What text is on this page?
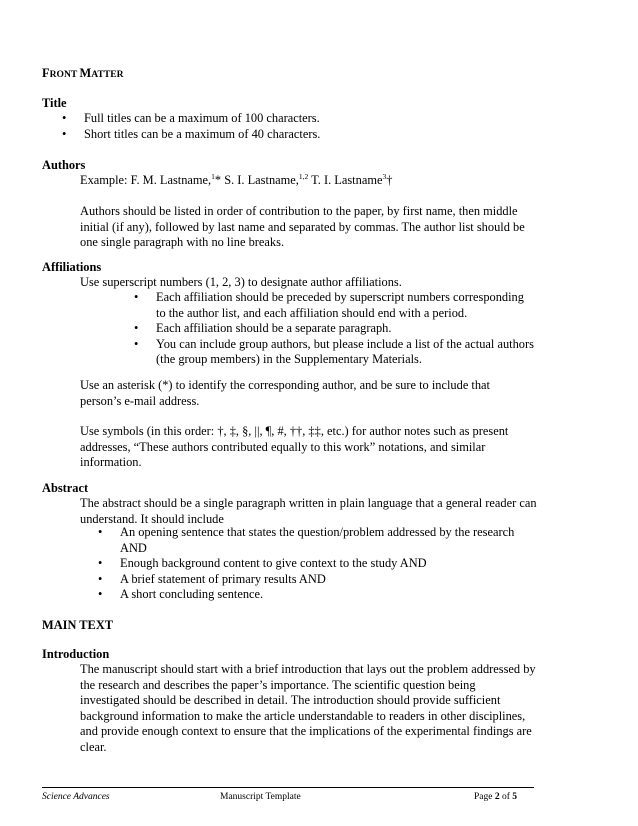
FRONT MATTER
Title
• Full titles can be a maximum of 100 characters.
• Short titles can be a maximum of 40 characters.
Authors
Example: F. M. Lastname,$^1$* S. I. Lastname,$^{1,2}$ T. I. Lastname$^3$†
Authors should be listed in order of contribution to the paper, by first name, then middle initial (if any), followed by last name and separated by commas. The author list should be one single paragraph with no line breaks.
Affiliations
Use superscript numbers (1, 2, 3) to designate author affiliations.
• Each affiliation should be preceded by superscript numbers corresponding to the author list, and each affiliation should end with a period.
• Each affiliation should be a separate paragraph.
• You can include group authors, but please include a list of the actual authors (the group members) in the Supplementary Materials.
Use an asterisk (*) to identify the corresponding author, and be sure to include that person’s e-mail address.
Use symbols (in this order: †, ‡, §, ||, ¶, #, ††, ‡‡, etc.) for author notes such as present addresses, “These authors contributed equally to this work” notations, and similar information.
Abstract
The abstract should be a single paragraph written in plain language that a general reader can understand. It should include
• An opening sentence that states the question/problem addressed by the research AND
• Enough background content to give context to the study AND
• A brief statement of primary results AND
• A short concluding sentence.
MAIN TEXT
Introduction
The manuscript should start with a brief introduction that lays out the problem addressed by the research and describes the paper’s importance. The scientific question being investigated should be described in detail. The introduction should provide sufficient background information to make the article understandable to readers in other disciplines, and provide enough context to ensure that the implications of the experimental findings are clear.
Science Advances	Manuscript Template	Page 2 of 5
